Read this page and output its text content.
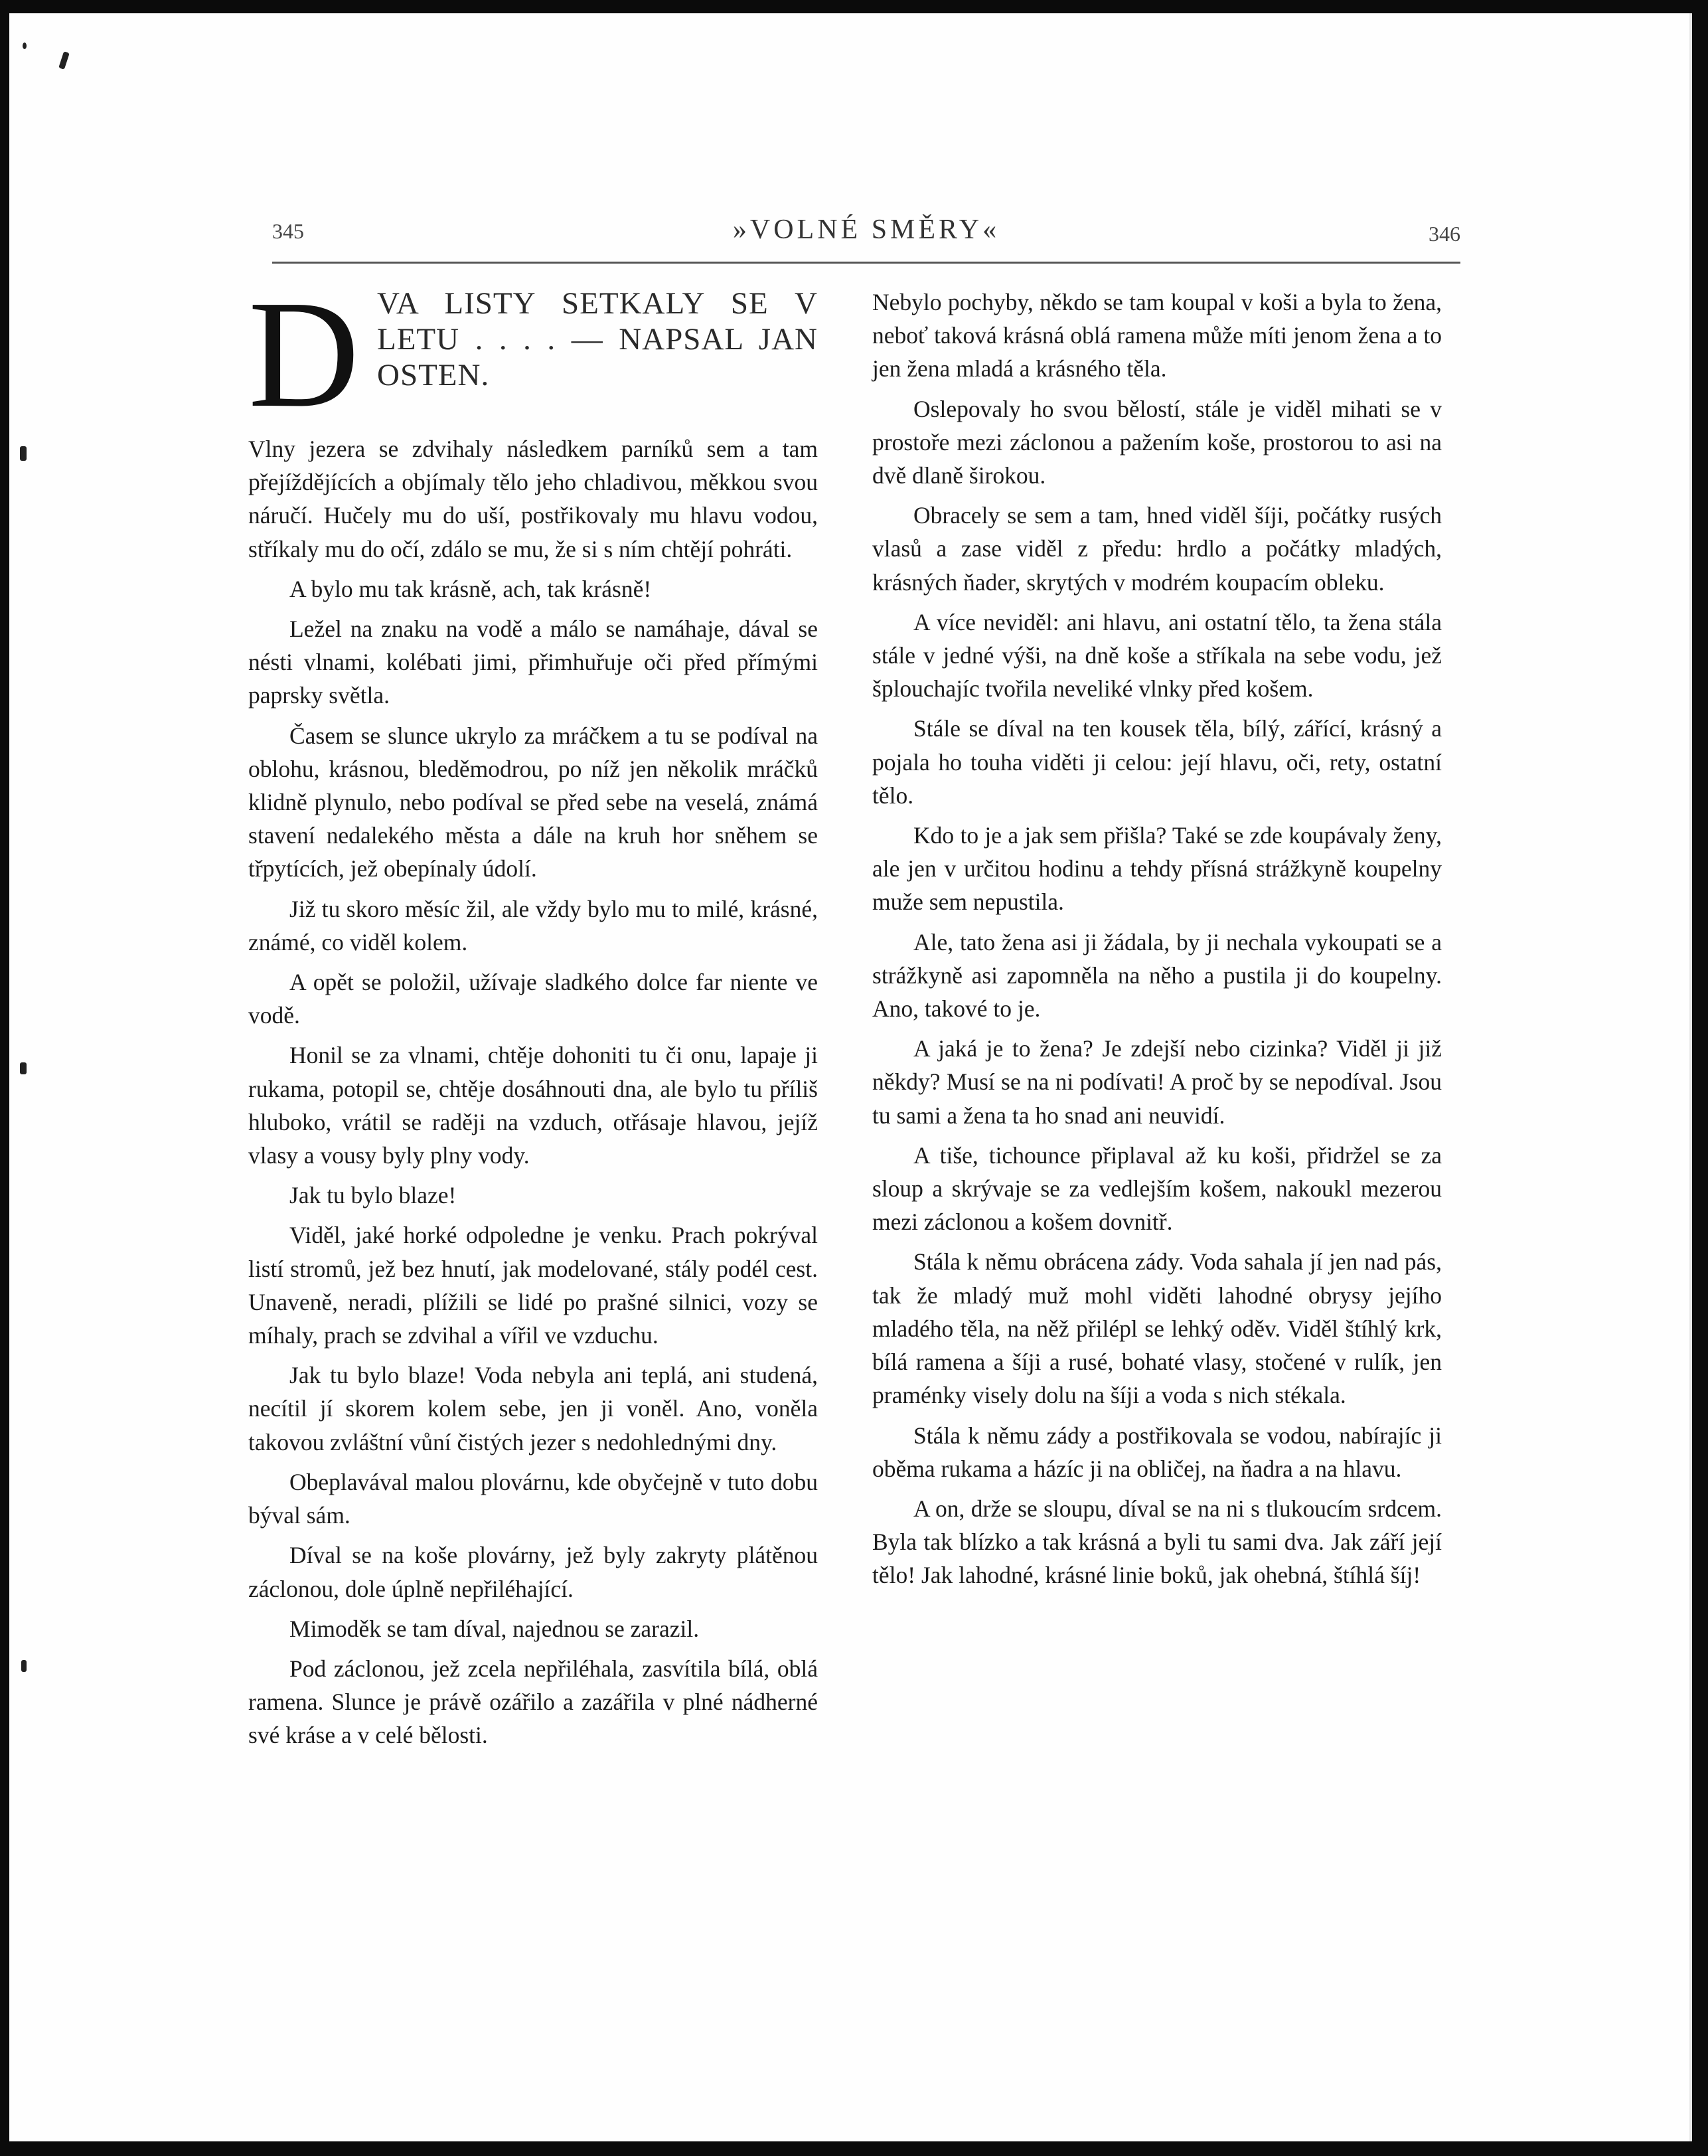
345	»VOLNÉ SMĚRY«	346
D VA LISTY SETKALY SE V LETU . . . . — NAPSAL JAN OSTEN.

Vlny jezera se zdvihaly následkem parníků sem a tam přejíždějících a objímaly tělo jeho chladivou, měkkou svou náručí. Hučely mu do uší, postřikovaly mu hlavu vodou, stříkaly mu do očí, zdálo se mu, že si s ním chtějí pohráti.

A bylo mu tak krásně, ach, tak krásně!

Ležel na znaku na vodě a málo se namáhaje, dával se nésti vlnami, kolébati jimi, přimhuřuje oči před přímými paprsky světla.

Časem se slunce ukrylo za mráčkem a tu se podíval na oblohu, krásnou, bleděmodrou, po níž jen několik mráčků klidně plynulo, nebo podíval se před sebe na veselá, známá stavení nedalekého města a dále na kruh hor sněhem se třpytících, jež obepínaly údolí.

Již tu skoro měsíc žil, ale vždy bylo mu to milé, krásné, známé, co viděl kolem.

A opět se položil, užívaje sladkého dolce far niente ve vodě.

Honil se za vlnami, chtěje dohoniti tu či onu, lapaje ji rukama, potopil se, chtěje dosáhnouti dna, ale bylo tu příliš hluboko, vrátil se raději na vzduch, otřásaje hlavou, jejíž vlasy a vousy byly plny vody.

Jak tu bylo blaze!

Viděl, jaké horké odpoledne je venku. Prach pokrýval listí stromů, jež bez hnutí, jak modelované, stály podél cest. Unaveně, neradi, plížili se lidé po prašné silnici, vozy se míhaly, prach se zdvihal a vířil ve vzduchu.

Jak tu bylo blaze! Voda nebyla ani teplá, ani studená, necítil jí skorem kolem sebe, jen ji voněl. Ano, voněla takovou zvláštní vůní čistých jezer s nedohlednými dny.

Obeplavával malou plovárnu, kde obyčejně v tuto dobu býval sám.

Díval se na koše plovárny, jež byly zakryty plátěnou záclonou, dole úplně nepřiléhající.

Mimoděk se tam díval, najednou se zarazil.

Pod záclonou, jež zcela nepřiléhala, zasvítila bílá, oblá ramena. Slunce je právě ozářilo a zazářila v plné nádherné své kráse a v celé bělosti.

Nebylo pochyby, někdo se tam koupal v koši a byla to žena, neboť taková krásná oblá ramena může míti jenom žena a to jen žena mladá a krásného těla.

Oslepovaly ho svou bělostí, stále je viděl mihati se v prostoře mezi záclonou a pažením koše, prostorou to asi na dvě dlaně širokou.

Obracely se sem a tam, hned viděl šíji, počátky rusých vlasů a zase viděl z předu: hrdlo a počátky mladých, krásných ňader, skrytých v modrém koupacím obleku.

A více neviděl: ani hlavu, ani ostatní tělo, ta žena stála stále v jedné výši, na dně koše a stříkala na sebe vodu, jež šplouchajíc tvořila neveliké vlnky před košem.

Stále se díval na ten kousek těla, bílý, zářící, krásný a pojala ho touha viděti ji celou: její hlavu, oči, rety, ostatní tělo.

Kdo to je a jak sem přišla? Také se zde koupávaly ženy, ale jen v určitou hodinu a tehdy přísná strážkyně koupelny muže sem nepustila.

Ale, tato žena asi ji žádala, by ji nechala vykoupati se a strážkyně asi zapomněla na něho a pustila ji do koupelny. Ano, takové to je.

A jaká je to žena? Je zdejší nebo cizinka? Viděl ji již někdy? Musí se na ni podívati! A proč by se nepodíval. Jsou tu sami a žena ta ho snad ani neuvidí.

A tiše, tichounce připlaval až ku koši, přidržel se za sloup a skrývaje se za vedlejším košem, nakoukl mezerou mezi záclonou a košem dovnitř.

Stála k němu obrácena zády. Voda sahala jí jen nad pás, tak že mladý muž mohl viděti lahodné obrysy jejího mladého těla, na něž přilépl se lehký oděv. Viděl štíhlý krk, bílá ramena a šíji a rusé, bohaté vlasy, stočené v rulík, jen praménky visely dolu na šíji a voda s nich stékala.

Stála k němu zády a postřikovala se vodou, nabírajíc ji oběma rukama a házíc ji na obličej, na ňadra a na hlavu.

A on, drže se sloupu, díval se na ni s tlukoucím srdcem. Byla tak blízko a tak krásná a byli tu sami dva. Jak září její tělo! Jak lahodné, krásné linie boků, jak ohebná, štíhlá šíj!
